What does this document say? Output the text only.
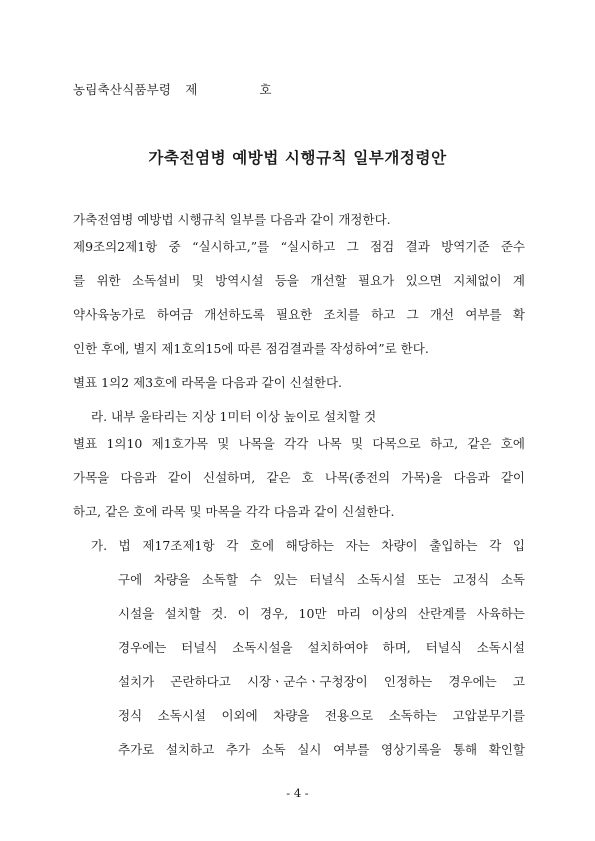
농림축산식품부령 제	호
가축전염병 예방법 시행규칙 일부개정령안
가축전염병 예방법 시행규칙 일부를 다음과 같이 개정한다.
제9조의2제1항 중 “실시하고,”를 “실시하고 그 점검 결과 방역기준 준수
를 위한 소독설비 및 방역시설 등을 개선할 필요가 있으면 지체없이 계
약사육농가로 하여금 개선하도록 필요한 조치를 하고 그 개선 여부를 확
인한 후에, 별지 제1호의15에 따른 점검결과를 작성하여”로 한다.
별표 1의2 제3호에 라목을 다음과 같이 신설한다.
라. 내부 울타리는 지상 1미터 이상 높이로 설치할 것
별표 1의10 제1호가목 및 나목을 각각 나목 및 다목으로 하고, 같은 호에
가목을 다음과 같이 신설하며, 같은 호 나목(종전의 가목)을 다음과 같이
하고, 같은 호에 라목 및 마목을 각각 다음과 같이 신설한다.
가. 법 제17조제1항 각 호에 해당하는 자는 차량이 출입하는 각 입
구에 차량을 소독할 수 있는 터널식 소독시설 또는 고정식 소독
시설을 설치할 것. 이 경우, 10만 마리 이상의 산란계를 사육하는
경우에는 터널식 소독시설을 설치하여야 하며, 터널식 소독시설
설치가 곤란하다고 시장ㆍ군수ㆍ구청장이 인정하는 경우에는 고
정식 소독시설 이외에 차량을 전용으로 소독하는 고압분무기를
추가로 설치하고 추가 소독 실시 여부를 영상기록을 통해 확인할
- 4 -
